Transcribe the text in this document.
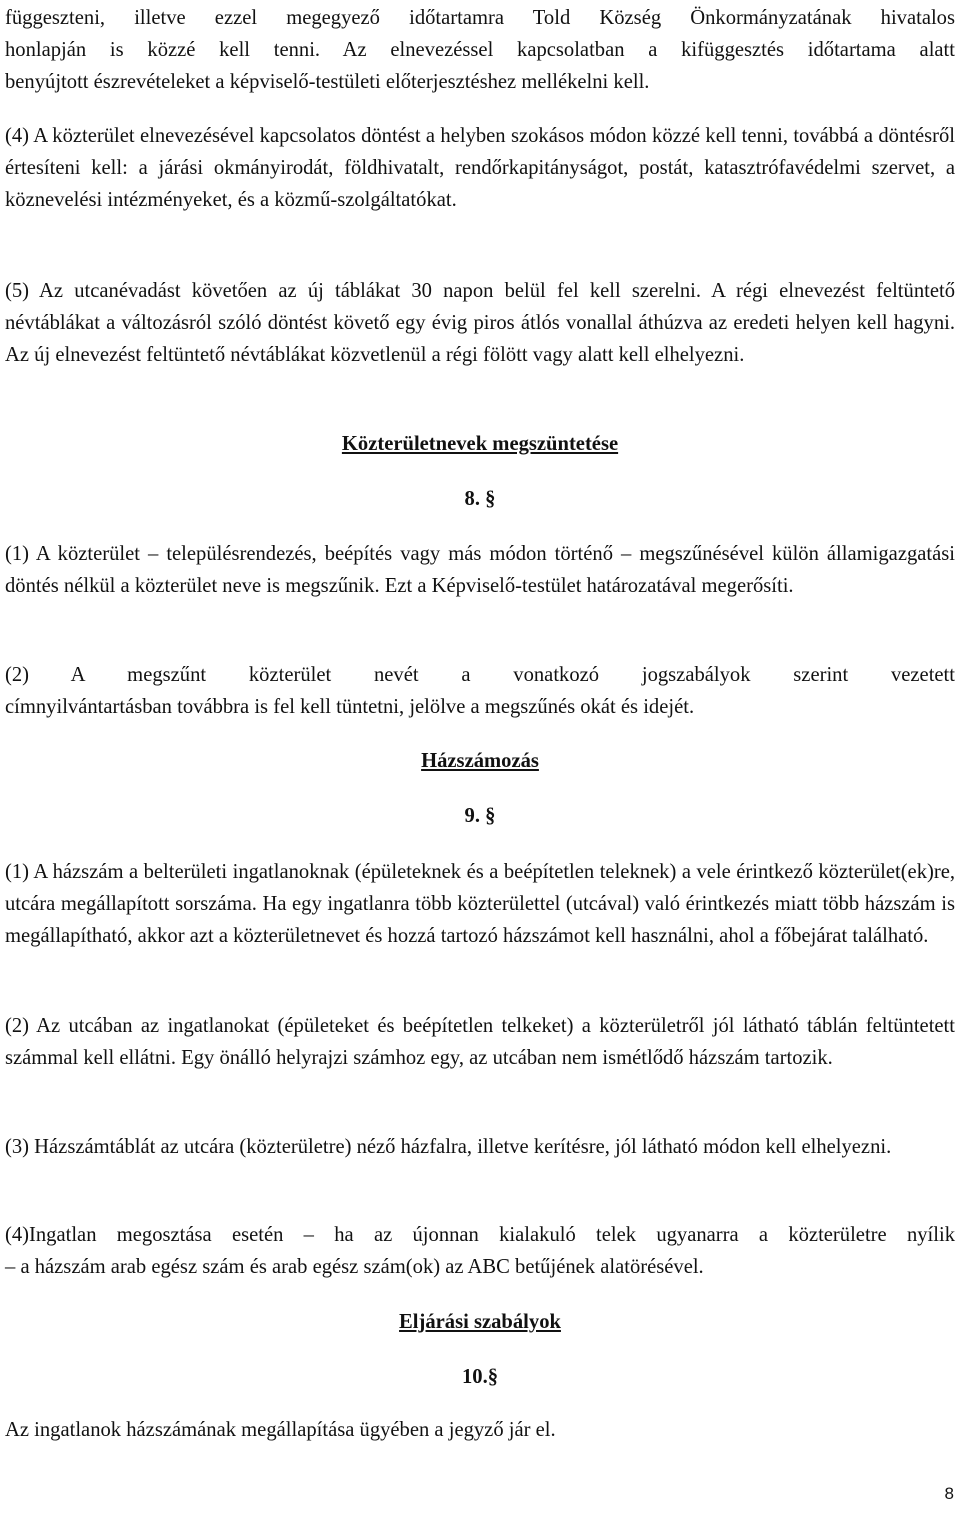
függeszteni, illetve ezzel megegyező időtartamra Told Község Önkormányzatának hivatalos

honlapján is közzé kell tenni. Az elnevezéssel kapcsolatban a kifüggesztés időtartama alatt

benyújtott észrevételeket a képviselő-testületi előterjesztéshez mellékelni kell.

(4) A közterület elnevezésével kapcsolatos döntést a helyben szokásos módon közzé kell tenni, továbbá a döntésről értesíteni kell: a járási okmányirodát, földhivatalt, rendőrkapitányságot, postát, katasztrófavédelmi szervet, a köznevelési intézményeket, és a közmű-szolgáltatókat.

(5) Az utcanévadást követően az új táblákat 30 napon belül fel kell szerelni. A régi elnevezést feltüntető névtáblákat a változásról szóló döntést követő egy évig piros átlós vonallal áthúzva az eredeti helyen kell hagyni. Az új elnevezést feltüntető névtáblákat közvetlenül a régi fölött vagy alatt kell elhelyezni.

Közterületnevek megszüntetése
8. §

(1) A közterület – településrendezés, beépítés vagy más módon történő – megszűnésével külön államigazgatási döntés nélkül a közterület neve is megszűnik. Ezt a Képviselő-testület határozatával megerősíti.

(2) A megszűnt közterület nevét a vonatkozó jogszabályok szerint vezetett

címnyilvántartásban továbbra is fel kell tüntetni, jelölve a megszűnés okát és idejét.

Házszámozás
9. §

(1) A házszám a belterületi ingatlanoknak (épületeknek és a beépítetlen teleknek) a vele érintkező közterület(ek)re, utcára megállapított sorszáma. Ha egy ingatlanra több közterülettel (utcával) való érintkezés miatt több házszám is megállapítható, akkor azt a közterületnevet és hozzá tartozó házszámot kell használni, ahol a főbejárat található.

(2) Az utcában az ingatlanokat (épületeket és beépítetlen telkeket) a közterületről jól látható táblán feltüntetett számmal kell ellátni. Egy önálló helyrajzi számhoz egy, az utcában nem ismétlődő házszám tartozik.

(3) Házszámtáblát az utcára (közterületre) néző házfalra, illetve kerítésre, jól látható módon kell elhelyezni.

(4)Ingatlan megosztása esetén – ha az újonnan kialakuló telek ugyanarra a közterületre nyílik

– a házszám arab egész szám és arab egész szám(ok) az ABC betűjének alatörésével.

Eljárási szabályok
10.§

Az ingatlanok házszámának megállapítása ügyében a jegyző jár el.

8
